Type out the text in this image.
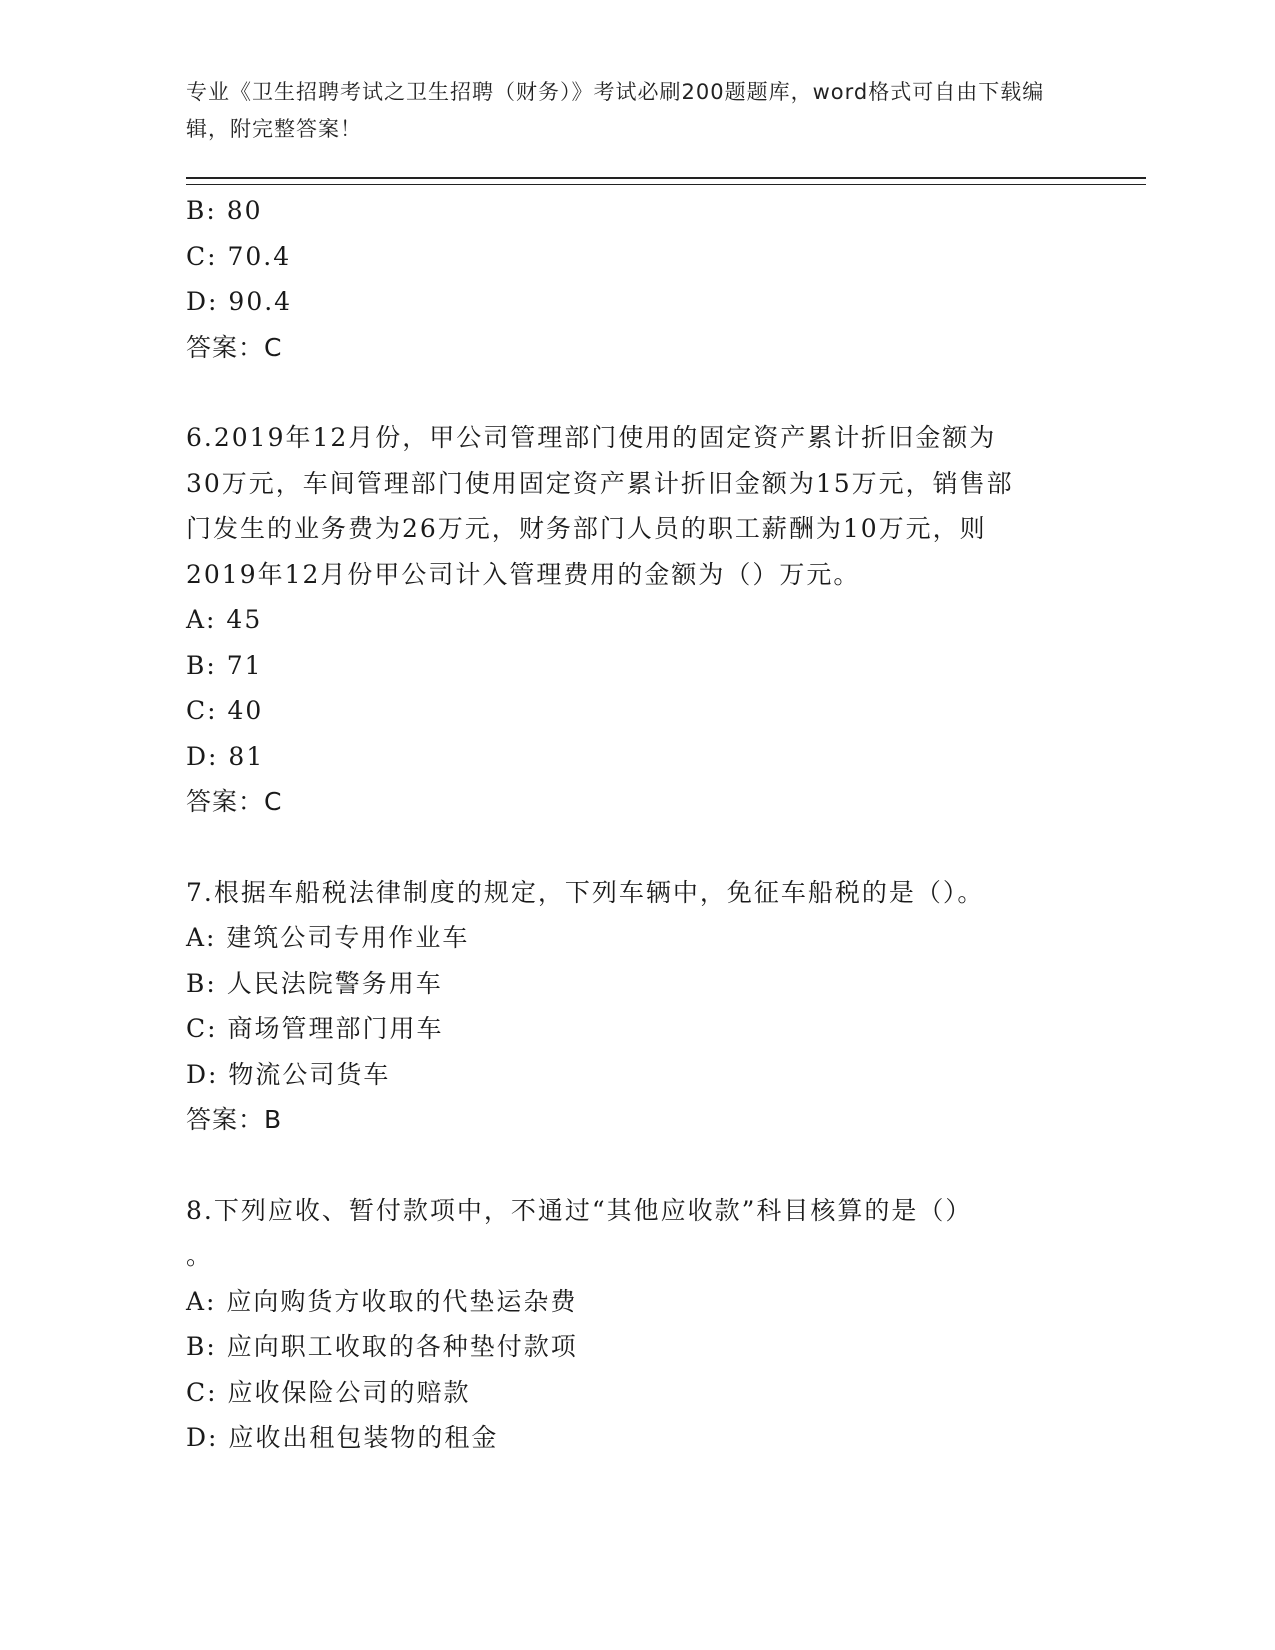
专业《卫生招聘考试之卫生招聘（财务）》考试必刷200题题库，word格式可自由下载编辑，附完整答案！
B: 80
C: 70.4
D: 90.4
答案：C
6.2019年12月份，甲公司管理部门使用的固定资产累计折旧金额为
30万元，车间管理部门使用固定资产累计折旧金额为15万元，销售部
门发生的业务费为26万元，财务部门人员的职工薪酬为10万元，则
2019年12月份甲公司计入管理费用的金额为（）万元。
A: 45
B: 71
C: 40
D: 81
答案：C
7.根据车船税法律制度的规定，下列车辆中，免征车船税的是（）。
A: 建筑公司专用作业车
B: 人民法院警务用车
C: 商场管理部门用车
D: 物流公司货车
答案：B
8.下列应收、暂付款项中，不通过“其他应收款”科目核算的是（）
。
A: 应向购货方收取的代垫运杂费
B: 应向职工收取的各种垫付款项
C: 应收保险公司的赔款
D: 应收出租包装物的租金
